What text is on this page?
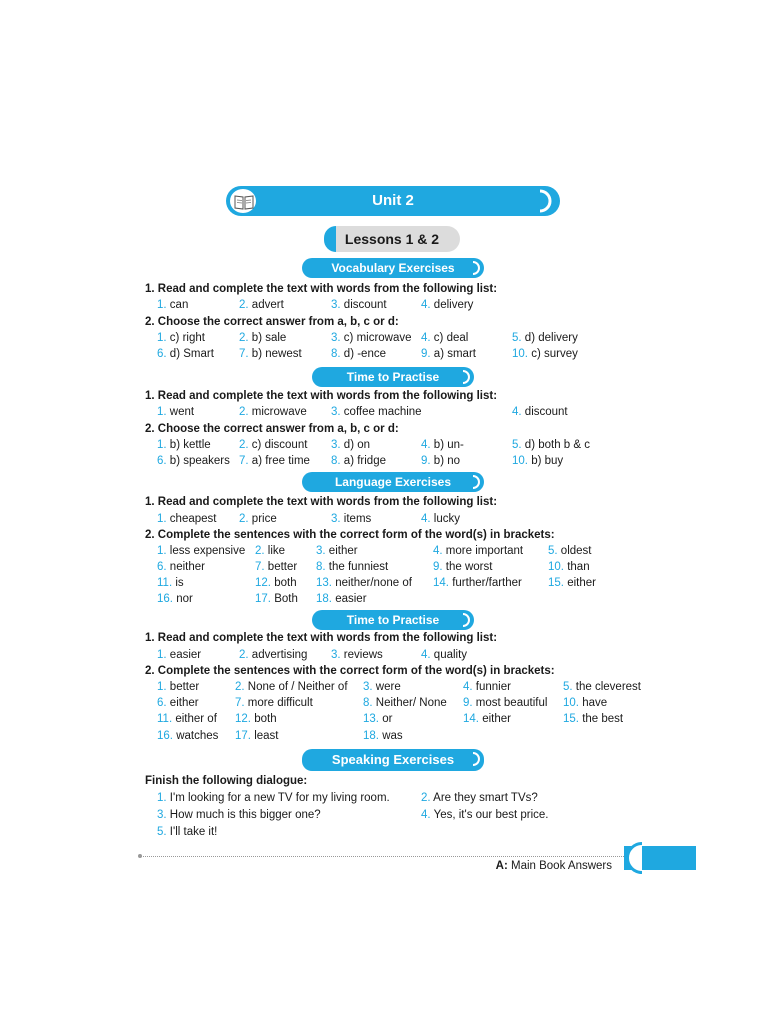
Unit 2
Lessons 1 & 2
Vocabulary Exercises
1. Read and complete the text with words from the following list:
1. can	2. advert	3. discount	4. delivery
2. Choose the correct answer from a, b, c or d:
1. c) right	2. b) sale	3. c) microwave 4. c) deal	5. d) delivery
6. d) Smart 7. b) newest	8. d) -ence	9. a) smart	10. c) survey
Time to Practise
1. Read and complete the text with words from the following list:
1. went	2. microwave 3. coffee machine	4. discount
2. Choose the correct answer from a, b, c or d:
1. b) kettle 2. c) discount 3. d) on	4. b) un-	5. d) both b & c
6. b) speakers 7. a) free time 8. a) fridge	9. b) no	10. b) buy
Language Exercises
1. Read and complete the text with words from the following list:
1. cheapest 2. price	3. items	4. lucky
2. Complete the sentences with the correct form of the word(s) in brackets:
1. less expensive 2. like	3. either	4. more important 5. oldest
6. neither	7. better 8. the funniest	9. the worst	10. than
11. is	12. both 13. neither/none of 14. further/farther 15. either
16. nor	17. Both 18. easier
Time to Practise
1. Read and complete the text with words from the following list:
1. easier	2. advertising 3. reviews	4. quality
2. Complete the sentences with the correct form of the word(s) in brackets:
1. better	2. None of / Neither of 3. were	4. funnier	5. the cleverest
6. either	7. more difficult	8. Neither/ None 9. most beautiful 10. have
11. either of 12. both	13. or	14. either	15. the best
16. watches 17. least	18. was
Speaking Exercises
Finish the following dialogue:
1. I'm looking for a new TV for my living room.	2. Are they smart TVs?
3. How much is this bigger one?	4. Yes, it's our best price.
5. I'll take it!
A: Main Book Answers
